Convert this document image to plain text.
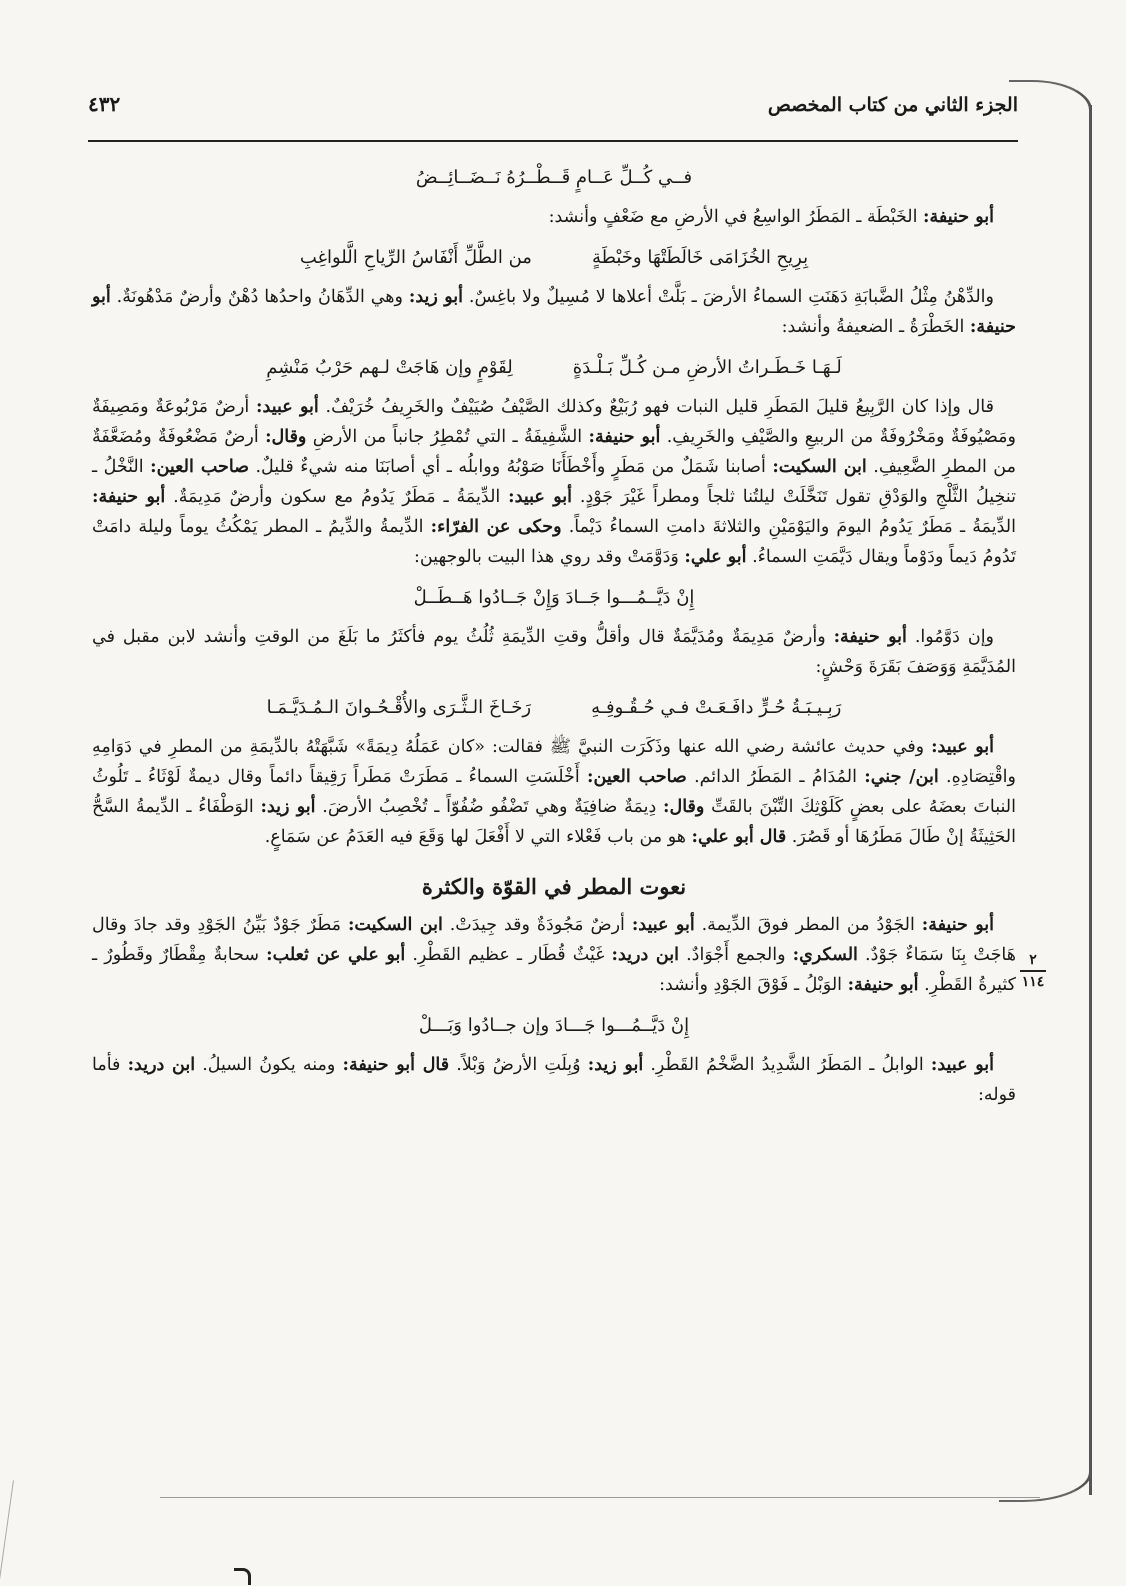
الجزء الثاني من كتاب المخصص
٤٣٢
٢
١١٤
فــي كُــلِّ عَــامٍ قَــطْــرُهُ نَــضَــائِــضُ

أبو حنيفة: الخَبْطَة ـ المَطَرُ الواسِعُ في الأرضِ مع ضَعْفٍ وأنشد:

بِرِيحِ الخُزَامَى خَالَطَتْهَا وخَبْطَةٍ
من الطَّلِّ أَنْفَاسُ الرِّياحِ الَّلواغِبِ

والدِّهْنُ مِثْلُ الضَّبابَةِ دَهَنَتِ السماءُ الأرضَ ـ بَلَّتْ أعلاها لا مُسِيلٌ ولا باغِسٌ. أبو زيد: وهي الدِّهَانُ واحدُها دُهْنٌ وأرضٌ مَدْهُونَةٌ. أبو حنيفة: الخَطْرَةُ ـ الضعيفةُ وأنشد:

لَـهَـا خَـطَـراتُ الأرضِ مـن كُـلِّ بَـلْـدَةٍ
لِقَوْمٍ وإن هَاجَتْ لـهم حَرْبُ مَنْشِمِ

قال وإذا كان الرَّبِيعُ قليلَ المَطَرِ قليل النبات فهو رُبَيْعٌ وكذلك الصَّيْفُ صُيَيْفٌ والخَرِيفُ خُرَيْفٌ. أبو عبيد: أرضٌ مَرْبُوعَةٌ ومَصِيفَةٌ ومَصْيُوفَةٌ ومَخْرُوفَةٌ من الربيعِ والصَّيْفِ والخَرِيفِ. أبو حنيفة: الشَّفِيفَةُ ـ التي تُمْطِرُ جانباً من الأرضِ وقال: أرضٌ مَضْعُوفَةٌ ومُضَعَّفَةٌ من المطرِ الضَّعِيفِ. ابن السكيت: أصابنا شَمَلٌ من مَطَرٍ وأَخْطَأَنَا صَوْبُهُ ووابلُه ـ أي أصابَنَا منه شيءٌ قليلٌ. صاحب العين: النَّخْلُ ـ تنخِيلُ الثَّلْجِ والوَدْقِ تقول تَنَخَّلَتْ ليلتُنا ثلجاً ومطراً غَيْرَ جَوْدٍ. أبو عبيد: الدِّيمَةُ ـ مَطَرٌ يَدُومُ مع سكون وأرضٌ مَدِيمَةٌ. أبو حنيفة: الدِّيمَةُ ـ مَطَرٌ يَدُومُ اليومَ واليَوْمَيْنِ والثلاثةَ دامتِ السماءُ دَيْماً. وحكى عن الفرّاء: الدِّيمةُ والدِّيمُ ـ المطر يَمْكُثُ يوماً وليلة دامَتْ تَدُومُ دَيماً ودَوْماً ويقال دَيَّمَتِ السماءُ. أبو علي: وَدَوَّمَتْ وقد روي هذا البيت بالوجهين:

إِنْ دَيَّــمُـــوا جَــادَ وَإِنْ جَــادُوا هَــطَــلْ

وإن دَوَّمُوا. أبو حنيفة: وأرضٌ مَدِيمَةٌ ومُدَيَّمَةٌ قال وأقلُّ وقتِ الدِّيمَةِ ثُلُثُ يوم فأكثَرُ ما بَلَغَ من الوقتِ وأنشد لابن مقبل في المُدَيَّمَةِ وَوَصَفَ بَقَرَةَ وَحْشٍ:

رَبِـيـبَـةُ حُـرٍّ دافَـعَـتْ فـي حُـقُـوفِـهِ
رَخَـاخَ الـثَّـرَى والأُقْـحُـوانَ الـمُـدَيَّـمَـا

أبو عبيد: وفي حديث عائشة رضي الله عنها وذَكَرَت النبيَّ ﷺ فقالت: «كان عَمَلُهُ دِيمَةً» شَبَّهَتْهُ بالدِّيمَةِ من المطرِ في دَوَامِهِ واقْتِصَادِهِ. ابن/ جني: المُدَامُ ـ المَطَرُ الدائم. صاحب العين: أَخْلَسَتِ السماءُ ـ مَطَرَتْ مَطَراً رَقِيقاً دائماً وقال ديمةٌ لَوْثَاءُ ـ تَلُوثُ النباتَ بعضَهُ على بعضٍ كَلَوْثِكَ التِّبْنَ بالقَتِّ وقال: دِيمَةٌ ضافِيَةٌ وهي تَضْفُو ضُفُوّاً ـ تُخْصِبُ الأرضَ. أبو زيد: الوَطْفَاءُ ـ الدِّيمةُ السَّحُّ الحَثِيثَةُ إنْ طَالَ مَطَرُهَا أو قَصُرَ. قال أبو علي: هو من باب فَعْلاء التي لا أَفْعَلَ لها وَقَعَ فيه العَدَمُ عن سَمَاعٍ.

نعوت المطر في القوّة والكثرة

أبو حنيفة: الجَوْدُ من المطر فوقَ الدِّيمة. أبو عبيد: أرضٌ مَجُودَةٌ وقد جِيدَتْ. ابن السكيت: مَطَرٌ جَوْدٌ بَيِّنُ الجَوْدِ وقد جادَ وقال هَاجَتْ بِنَا سَمَاءٌ جَوْدٌ. السكري: والجمع أَجْوَادٌ. ابن دريد: غَيْثٌ قُطَار ـ عظيم القَطْرِ. أبو علي عن ثعلب: سحابةٌ مِقْطَارٌ وقَطُورٌ ـ كثيرةُ القَطْرِ. أبو حنيفة: الوَبْلُ ـ فَوْقَ الجَوْدِ وأنشد:

إِنْ دَيَّــمُـــوا جَـــادَ وإن جــادُوا وَبَـــلْ

أبو عبيد: الوابلُ ـ المَطَرُ الشَّدِيدُ الضَّخْمُ القَطْرِ. أبو زيد: وُبِلَتِ الأرضُ وَبْلاً. قال أبو حنيفة: ومنه يكونُ السيلُ. ابن دريد: فأما قوله:
